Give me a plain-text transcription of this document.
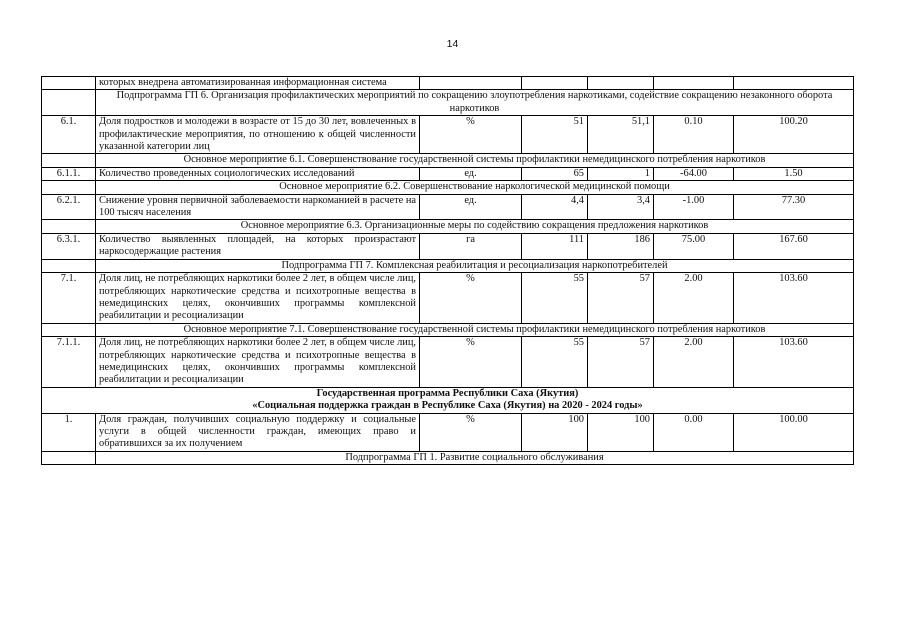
14
	которых внедрена автоматизированная информационная система					
	Подпрограмма ГП 6. Организация профилактических мероприятий по сокращению злоупотребления наркотиками, содействие сокращению незаконного оборота наркотиков					
6.1.	Доля подростков и молодежи в возрасте от 15 до 30 лет, вовлеченных в профилактические мероприятия, по отношению к общей численности указанной категории лиц	%	51	51,1	0.10	100.20
	Основное мероприятие 6.1. Совершенствование государственной системы профилактики немедицинского потребления наркотиков					
6.1.1.	Количество проведенных социологических исследований	ед.	65	1	-64.00	1.50
	Основное мероприятие 6.2. Совершенствование наркологической медицинской помощи					
6.2.1.	Снижение уровня первичной заболеваемости наркоманией в расчете на 100 тысяч населения	ед.	4,4	3,4	-1.00	77.30
	Основное мероприятие 6.3. Организационные меры по содействию сокращения предложения наркотиков					
6.3.1.	Количество выявленных площадей, на которых произрастают наркосодержащие растения	га	111	186	75.00	167.60
	Подпрограмма ГП 7. Комплексная реабилитация и ресоциализация наркопотребителей					
7.1.	Доля лиц, не потребляющих наркотики более 2 лет, в общем числе лиц, потребляющих наркотические средства и психотропные вещества в немедицинских целях, окончивших программы комплексной реабилитации и ресоциализации	%	55	57	2.00	103.60
	Основное мероприятие 7.1. Совершенствование государственной системы профилактики немедицинского потребления наркотиков					
7.1.1.	Доля лиц, не потребляющих наркотики более 2 лет, в общем числе лиц, потребляющих наркотические средства и психотропные вещества в немедицинских целях, окончивших программы комплексной реабилитации и ресоциализации	%	55	57	2.00	103.60

Государственная программа Республики Саха (Якутия)
«Социальная поддержка граждан в Республике Саха (Якутия) на 2020 - 2024 годы»						

1.	Доля граждан, получивших социальную поддержку и социальные услуги в общей численности граждан, имеющих право и обратившихся за их получением	%	100	100	0.00	100.00
	Подпрограмма ГП 1. Развитие социального обслуживания					
